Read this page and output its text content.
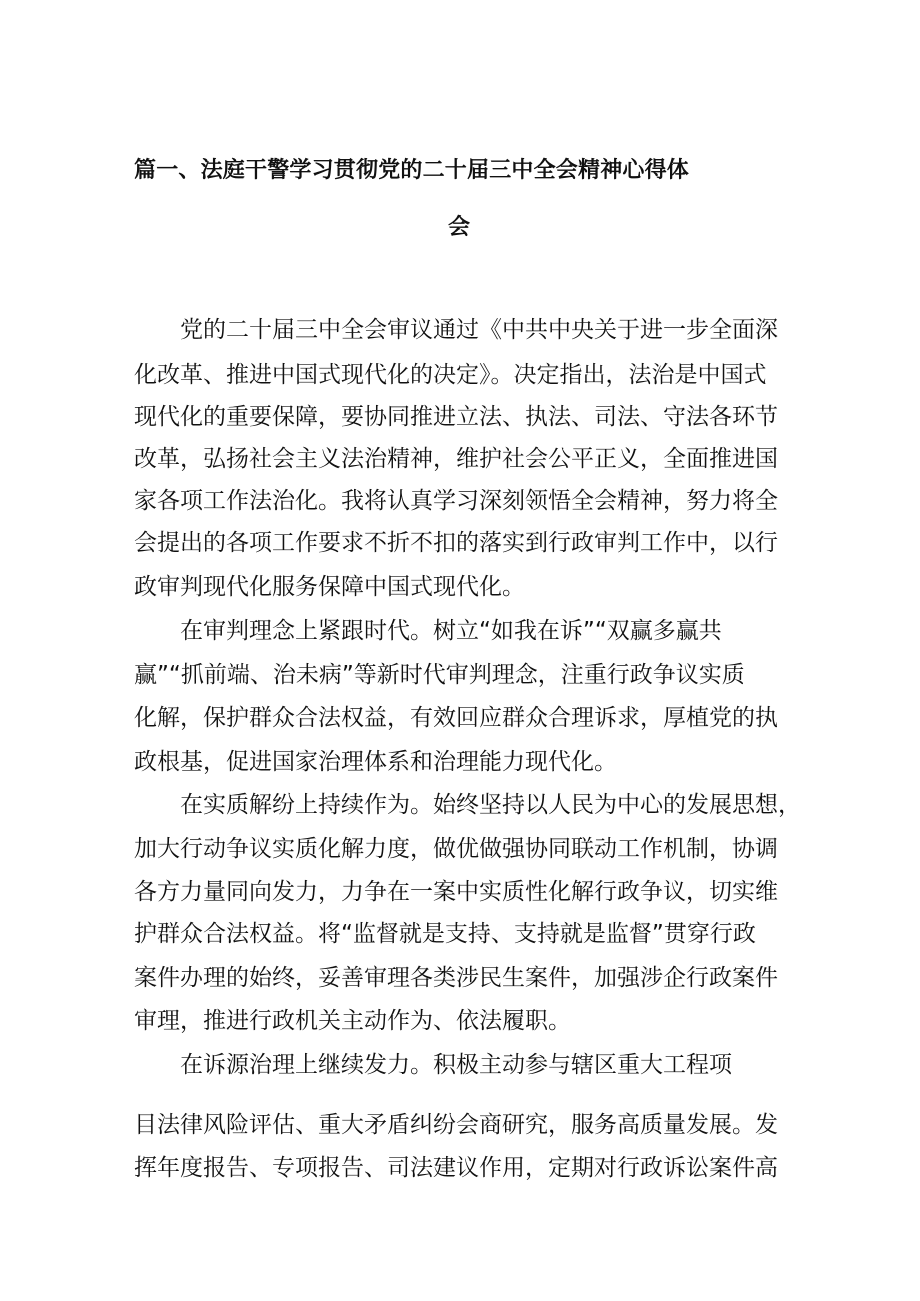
篇一、法庭干警学习贯彻党的二十届三中全会精神心得体
会
党的二十届三中全会审议通过《中共中央关于进一步全面深
化改革、推进中国式现代化的决定》。决定指出，法治是中国式
现代化的重要保障，要协同推进立法、执法、司法、守法各环节
改革，弘扬社会主义法治精神，维护社会公平正义，全面推进国
家各项工作法治化。我将认真学习深刻领悟全会精神，努力将全
会提出的各项工作要求不折不扣的落实到行政审判工作中，以行
政审判现代化服务保障中国式现代化。
在审判理念上紧跟时代。树立“如我在诉”“双赢多赢共
赢”“抓前端、治未病”等新时代审判理念，注重行政争议实质
化解，保护群众合法权益，有效回应群众合理诉求，厚植党的执
政根基，促进国家治理体系和治理能力现代化。
在实质解纷上持续作为。始终坚持以人民为中心的发展思想，
加大行动争议实质化解力度，做优做强协同联动工作机制，协调
各方力量同向发力，力争在一案中实质性化解行政争议，切实维
护群众合法权益。将“监督就是支持、支持就是监督”贯穿行政
案件办理的始终，妥善审理各类涉民生案件，加强涉企行政案件
审理，推进行政机关主动作为、依法履职。
在诉源治理上继续发力。积极主动参与辖区重大工程项
目法律风险评估、重大矛盾纠纷会商研究，服务高质量发展。发
挥年度报告、专项报告、司法建议作用，定期对行政诉讼案件高
